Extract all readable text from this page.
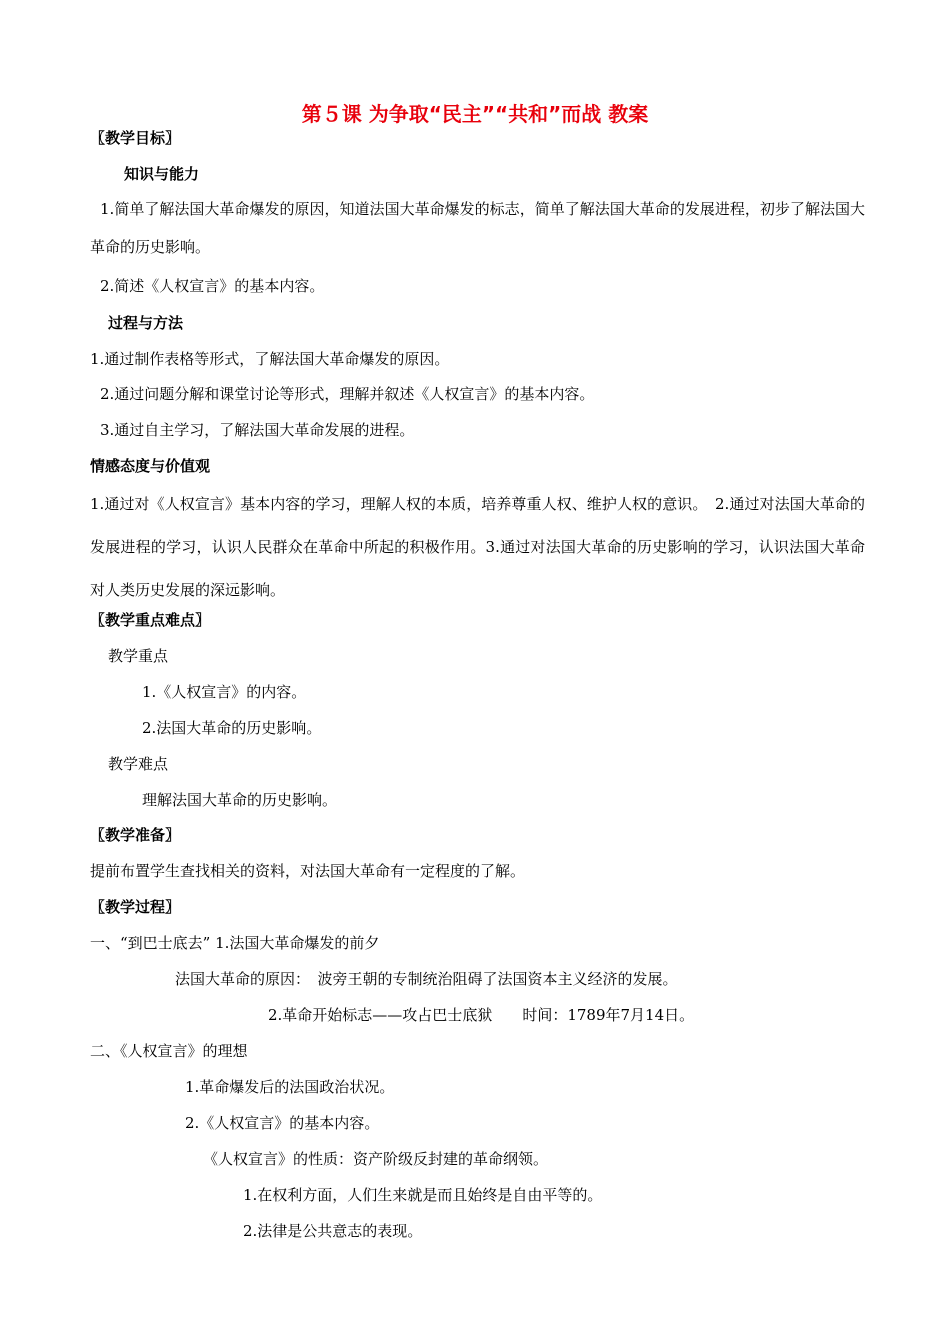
第５课 为争取“民主”“共和”而战 教案
〖教学目标〗
知识与能力
1.简单了解法国大革命爆发的原因，知道法国大革命爆发的标志，简单了解法国大革命的发展进程，初步了解法国大革命的历史影响。
2.简述《人权宣言》的基本内容。
过程与方法
1.通过制作表格等形式，了解法国大革命爆发的原因。
2.通过问题分解和课堂讨论等形式，理解并叙述《人权宣言》的基本内容。
3.通过自主学习，了解法国大革命发展的进程。
情感态度与价值观
1.通过对《人权宣言》基本内容的学习，理解人权的本质，培养尊重人权、维护人权的意识。　2.通过对法国大革命的发展进程的学习，认识人民群众在革命中所起的积极作用。3.通过对法国大革命的历史影响的学习，认识法国大革命对人类历史发展的深远影响。
〖教学重点难点〗
教学重点
1.《人权宣言》的内容。
2.法国大革命的历史影响。
教学难点
理解法国大革命的历史影响。
〖教学准备〗
提前布置学生查找相关的资料，对法国大革命有一定程度的了解。
〖教学过程〗
一、“到巴士底去” 1.法国大革命爆发的前夕
法国大革命的原因：　波旁王朝的专制统治阻碍了法国资本主义经济的发展。
2.革命开始标志——攻占巴士底狱　　时间：1789年7月14日。
二、《人权宣言》的理想
1.革命爆发后的法国政治状况。
2.《人权宣言》的基本内容。
《人权宣言》的性质：资产阶级反封建的革命纲领。
1.在权利方面，人们生来就是而且始终是自由平等的。
2.法律是公共意志的表现。
